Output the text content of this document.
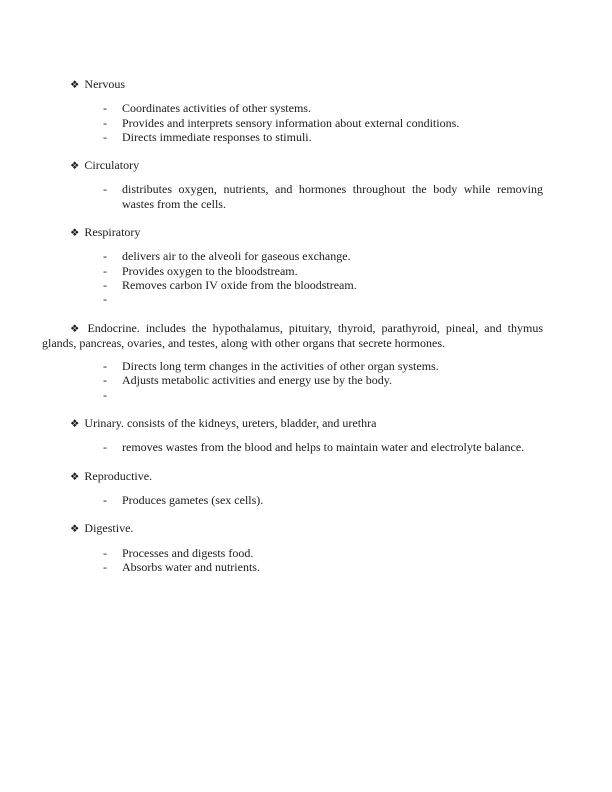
❖ Nervous

-	Coordinates activities of other systems.
-	Provides and interprets sensory information about external conditions.
-	Directs immediate responses to stimuli.

❖ Circulatory

-	distributes oxygen, nutrients, and hormones throughout the body while removing wastes from the cells.

❖ Respiratory

-	delivers air to the alveoli for gaseous exchange.
-	Provides oxygen to the bloodstream.
-	Removes carbon IV oxide from the bloodstream.
-

❖ Endocrine. includes the hypothalamus, pituitary, thyroid, parathyroid, pineal, and thymus glands, pancreas, ovaries, and testes, along with other organs that secrete hormones.

-	Directs long term changes in the activities of other organ systems.
-	Adjusts metabolic activities and energy use by the body.
-

❖ Urinary. consists of the kidneys, ureters, bladder, and urethra

-	removes wastes from the blood and helps to maintain water and electrolyte balance.

❖ Reproductive.

-	Produces gametes (sex cells).

❖ Digestive.

-	Processes and digests food.
-	Absorbs water and nutrients.
